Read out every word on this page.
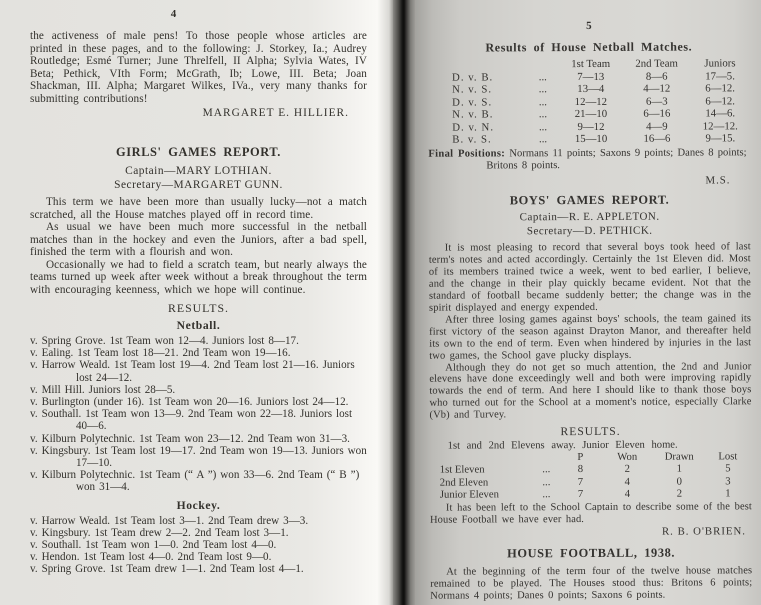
4
the activeness of male pens! To those people whose articles are printed in these pages, and to the following: J. Storkey, Ia.; Audrey Routledge; Esmé Turner; June Threlfell, II Alpha; Sylvia Wates, IV Beta; Pethick, VIth Form; McGrath, Ib; Lowe, III. Beta; Joan Shackman, III. Alpha; Margaret Wilkes, IVa., very many thanks for submitting contributions!
MARGARET E. HILLIER.
GIRLS' GAMES REPORT.
Captain—MARY LOTHIAN.
Secretary—MARGARET GUNN.
This term we have been more than usually lucky—not a match scratched, all the House matches played off in record time.
As usual we have been much more successful in the netball matches than in the hockey and even the Juniors, after a bad spell, finished the term with a flourish and won.
Occasionally we had to field a scratch team, but nearly always the teams turned up week after week without a break throughout the term with encouraging keenness, which we hope will continue.
RESULTS.
Netball.
v. Spring Grove. 1st Team won 12—4. Juniors lost 8—17.
v. Ealing. 1st Team lost 18—21. 2nd Team won 19—16.
v. Harrow Weald. 1st Team lost 19—4. 2nd Team lost 21—16. Juniors lost 24—12.
v. Mill Hill. Juniors lost 28—5.
v. Burlington (under 16). 1st Team won 20—16. Juniors lost 24—12.
v. Southall. 1st Team won 13—9. 2nd Team won 22—18. Juniors lost 40—6.
v. Kilburn Polytechnic. 1st Team won 23—12. 2nd Team won 31—3.
v. Kingsbury. 1st Team lost 19—17. 2nd Team won 19—13. Juniors won 17—10.
v. Kilburn Polytechnic. 1st Team (“ A ”) won 33—6. 2nd Team (“ B ”) won 31—4.
Hockey.
v. Harrow Weald. 1st Team lost 3—1. 2nd Team drew 3—3.
v. Kingsbury. 1st Team drew 2—2. 2nd Team lost 3—1.
v. Southall. 1st Team won 1—0. 2nd Team lost 4—0.
v. Hendon. 1st Team lost 4—0. 2nd Team lost 9—0.
v. Spring Grove. 1st Team drew 1—1. 2nd Team lost 4—1.
5
Results of House Netball Matches.
1st Team	2nd Team	Juniors
D. v. B.	...	7—13	8—6	17—5.
N. v. S.	...	13—4	4—12	6—12.
D. v. S.	...	12—12	6—3	6—12.
N. v. B.	...	21—10	6—16	14—6.
D. v. N.	...	9—12	4—9	12—12.
B. v. S.	...	15—10	16—6	9—15.
Final Positions: Normans 11 points; Saxons 9 points; Danes 8 points; Britons 8 points.
M.S.
BOYS' GAMES REPORT.
Captain—R. E. APPLETON.
Secretary—D. PETHICK.
It is most pleasing to record that several boys took heed of last term's notes and acted accordingly. Certainly the 1st Eleven did. Most of its members trained twice a week, went to bed earlier, I believe, and the change in their play quickly became evident. Not that the standard of football became suddenly better; the change was in the spirit displayed and energy expended.
After three losing games against boys' schools, the team gained its first victory of the season against Drayton Manor, and thereafter held its own to the end of term. Even when hindered by injuries in the last two games, the School gave plucky displays.
Although they do not get so much attention, the 2nd and Junior elevens have done exceedingly well and both were improving rapidly towards the end of term. And here I should like to thank those boys who turned out for the School at a moment's notice, especially Clarke (Vb) and Turvey.
RESULTS.
1st and 2nd Elevens away. Junior Eleven home.
P	Won	Drawn	Lost
1st Eleven	...	8	2	1	5
2nd Eleven	...	7	4	0	3
Junior Eleven	...	7	4	2	1
It has been left to the School Captain to describe some of the best House Football we have ever had.
R. B. O'BRIEN.
HOUSE FOOTBALL, 1938.
At the beginning of the term four of the twelve house matches remained to be played. The Houses stood thus: Britons 6 points; Normans 4 points; Danes 0 points; Saxons 6 points.
